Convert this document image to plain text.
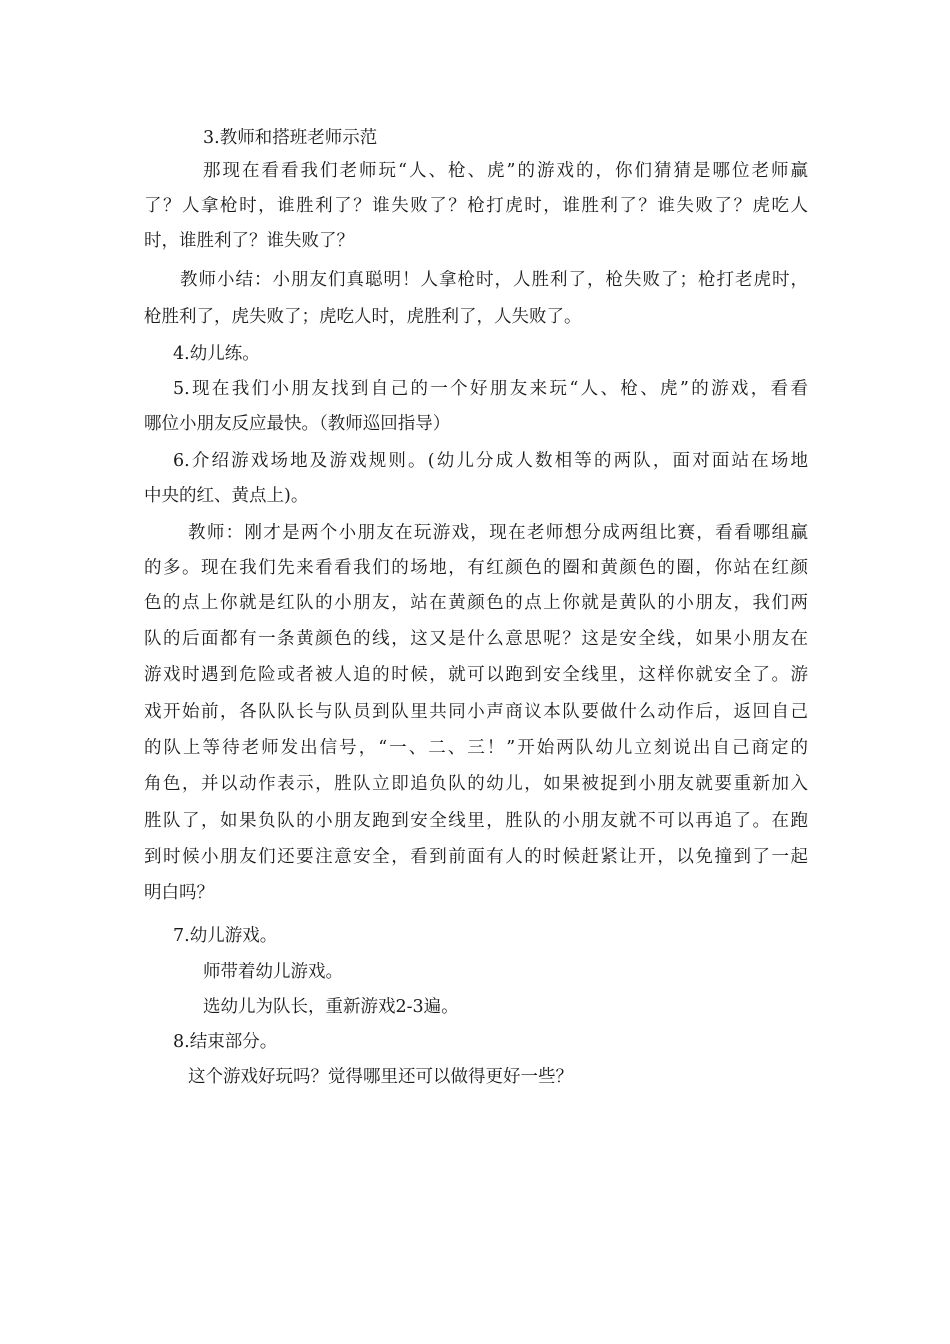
3.教师和搭班老师示范
那现在看看我们老师玩“人、枪、虎”的游戏的，你们猜猜是哪位老师赢
了？人拿枪时，谁胜利了？谁失败了？枪打虎时，谁胜利了？谁失败了？虎吃人
时，谁胜利了？谁失败了？
教师小结：小朋友们真聪明！人拿枪时，人胜利了，枪失败了；枪打老虎时，
枪胜利了，虎失败了；虎吃人时，虎胜利了，人失败了。
4.幼儿练。
5.现在我们小朋友找到自己的一个好朋友来玩“人、枪、虎”的游戏，看看
哪位小朋友反应最快。（教师巡回指导）
6.介绍游戏场地及游戏规则。(幼儿分成人数相等的两队，面对面站在场地
中央的红、黄点上)。
教师：刚才是两个小朋友在玩游戏，现在老师想分成两组比赛，看看哪组赢
的多。现在我们先来看看我们的场地，有红颜色的圈和黄颜色的圈，你站在红颜
色的点上你就是红队的小朋友，站在黄颜色的点上你就是黄队的小朋友，我们两
队的后面都有一条黄颜色的线，这又是什么意思呢？这是安全线，如果小朋友在
游戏时遇到危险或者被人追的时候，就可以跑到安全线里，这样你就安全了。游
戏开始前，各队队长与队员到队里共同小声商议本队要做什么动作后，返回自己
的队上等待老师发出信号，“一、二、三！”开始两队幼儿立刻说出自己商定的
角色，并以动作表示，胜队立即追负队的幼儿，如果被捉到小朋友就要重新加入
胜队了，如果负队的小朋友跑到安全线里，胜队的小朋友就不可以再追了。在跑
到时候小朋友们还要注意安全，看到前面有人的时候赶紧让开，以免撞到了一起
明白吗？
7.幼儿游戏。
师带着幼儿游戏。
选幼儿为队长，重新游戏2-3遍。
8.结束部分。
这个游戏好玩吗？觉得哪里还可以做得更好一些？
